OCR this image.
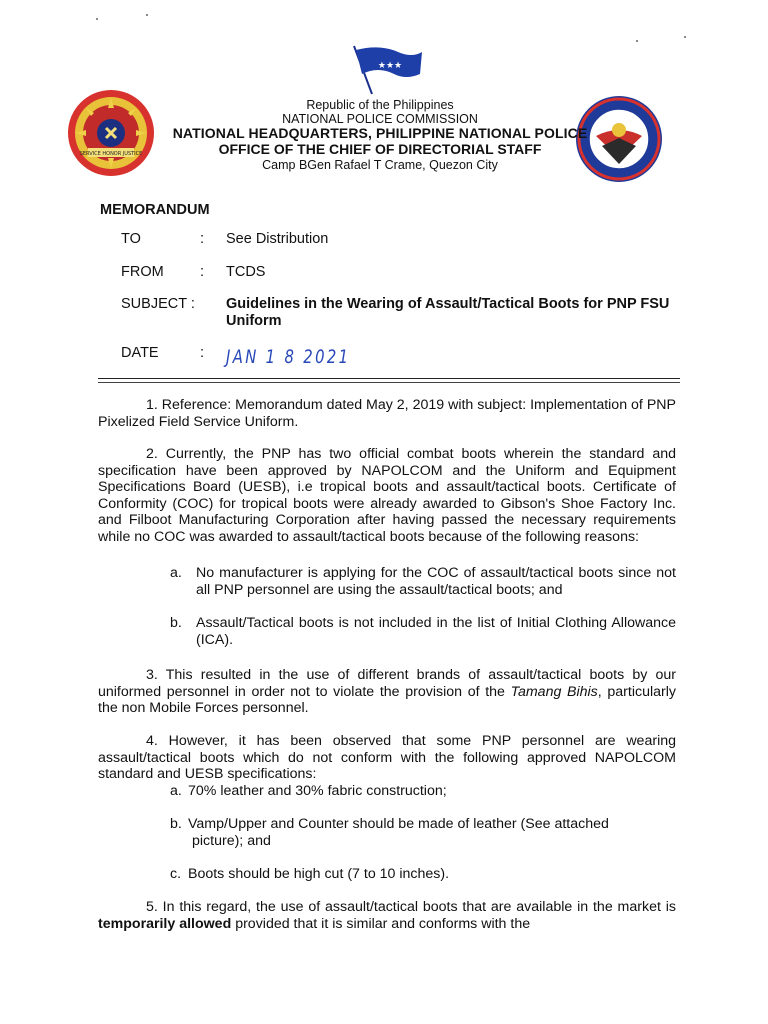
★★★
SERVICE HONOR JUSTICE
Republic of the Philippines
NATIONAL POLICE COMMISSION
NATIONAL HEADQUARTERS, PHILIPPINE NATIONAL POLICE
OFFICE OF THE CHIEF OF DIRECTORIAL STAFF
Camp BGen Rafael T Crame, Quezon City
MEMORANDUM
TO	: See Distribution
FROM	: TCDS
SUBJECT : Guidelines in the Wearing of Assault/Tactical Boots for PNP FSU Uniform
DATE	: JAN 1 8 2021

1. Reference: Memorandum dated May 2, 2019 with subject: Implementation of PNP Pixelized Field Service Uniform.

2. Currently, the PNP has two official combat boots wherein the standard and specification have been approved by NAPOLCOM and the Uniform and Equipment Specifications Board (UESB), i.e tropical boots and assault/tactical boots. Certificate of Conformity (COC) for tropical boots were already awarded to Gibson's Shoe Factory Inc. and Filboot Manufacturing Corporation after having passed the necessary requirements while no COC was awarded to assault/tactical boots because of the following reasons:

a. No manufacturer is applying for the COC of assault/tactical boots since not all PNP personnel are using the assault/tactical boots; and
b. Assault/Tactical boots is not included in the list of Initial Clothing Allowance (ICA).

3. This resulted in the use of different brands of assault/tactical boots by our uniformed personnel in order not to violate the provision of the Tamang Bihis, particularly the non Mobile Forces personnel.

4. However, it has been observed that some PNP personnel are wearing assault/tactical boots which do not conform with the following approved NAPOLCOM standard and UESB specifications:

a. 70% leather and 30% fabric construction;
b. Vamp/Upper and Counter should be made of leather (See attached
picture); and
c. Boots should be high cut (7 to 10 inches).

5. In this regard, the use of assault/tactical boots that are available in the market is temporarily allowed provided that it is similar and conforms with the
